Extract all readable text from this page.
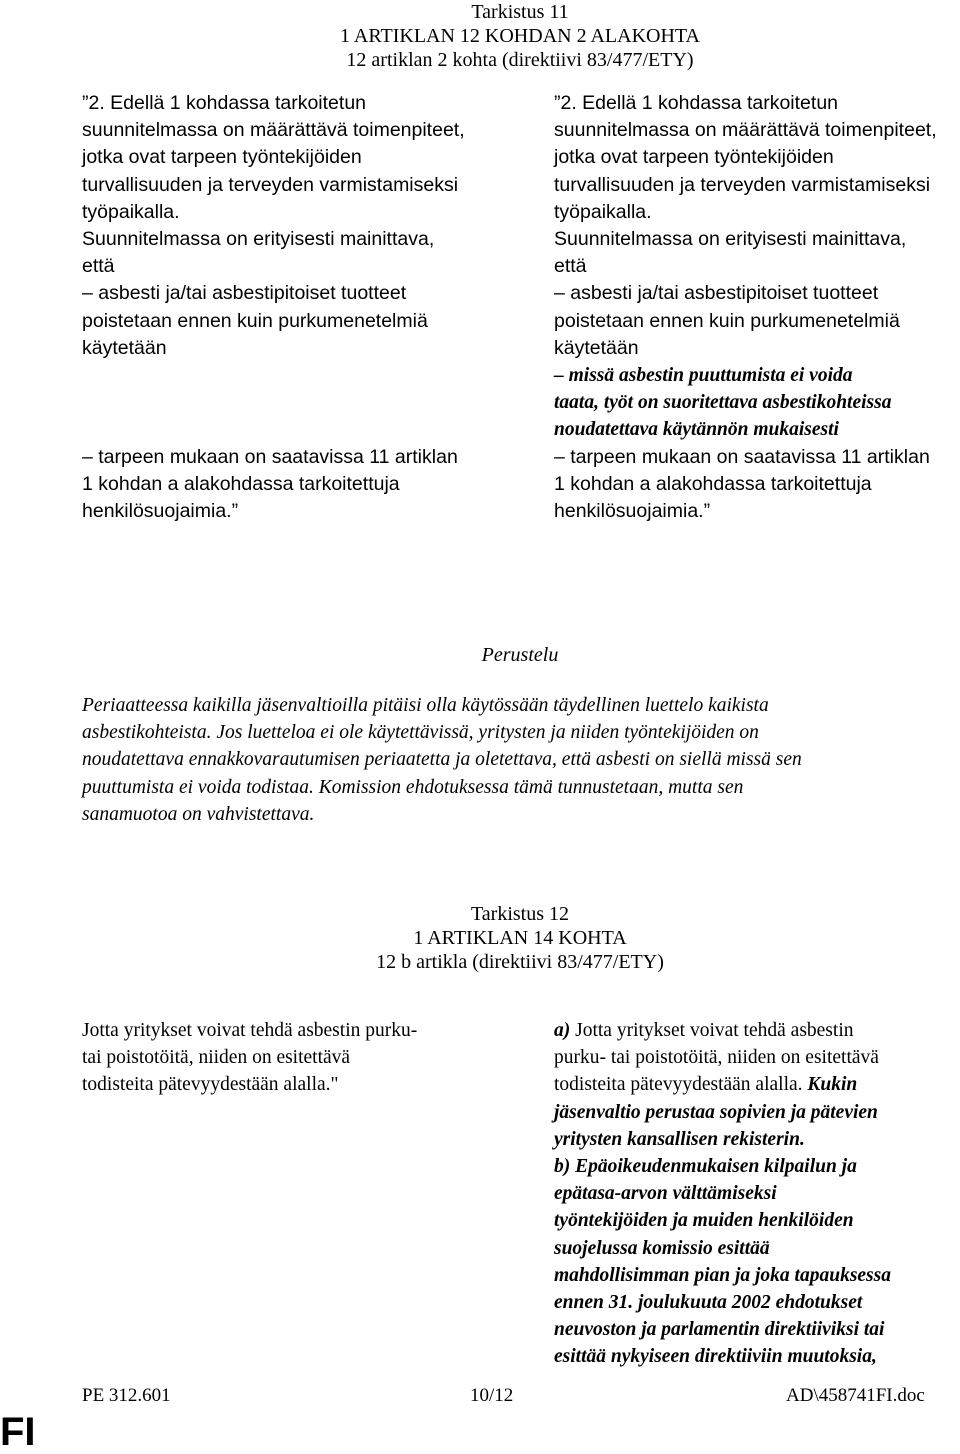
Tarkistus 11
1 ARTIKLAN 12 KOHDAN 2 ALAKOHTA
12 artiklan 2 kohta (direktiivi 83/477/ETY)
”2. Edellä 1 kohdassa tarkoitetun
suunnitelmassa on määrättävä toimenpiteet,
jotka ovat tarpeen työntekijöiden
turvallisuuden ja terveyden varmistamiseksi
työpaikalla.
Suunnitelmassa on erityisesti mainittava,
että
– asbesti ja/tai asbestipitoiset tuotteet
poistetaan ennen kuin purkumenetelmiä
käytetään
– tarpeen mukaan on saatavissa 11 artiklan
1 kohdan a alakohdassa tarkoitettuja
henkilösuojaimia.”
”2. Edellä 1 kohdassa tarkoitetun
suunnitelmassa on määrättävä toimenpiteet,
jotka ovat tarpeen työntekijöiden
turvallisuuden ja terveyden varmistamiseksi
työpaikalla.
Suunnitelmassa on erityisesti mainittava,
että
– asbesti ja/tai asbestipitoiset tuotteet
poistetaan ennen kuin purkumenetelmiä
käytetään
– missä asbestin puuttumista ei voida
taata, työt on suoritettava asbestikohteissa
noudatettava käytännön mukaisesti
– tarpeen mukaan on saatavissa 11 artiklan
1 kohdan a alakohdassa tarkoitettuja
henkilösuojaimia.”
Perustelu
Periaatteessa kaikilla jäsenvaltioilla pitäisi olla käytössään täydellinen luettelo kaikista
asbestikohteista. Jos luetteloa ei ole käytettävissä, yritysten ja niiden työntekijöiden on
noudatettava ennakkovarautumisen periaatetta ja oletettava, että asbesti on siellä missä sen
puuttumista ei voida todistaa. Komission ehdotuksessa tämä tunnustetaan, mutta sen
sanamuotoa on vahvistettava.
Tarkistus 12
1 ARTIKLAN 14 KOHTA
12 b artikla (direktiivi 83/477/ETY)
Jotta yritykset voivat tehdä asbestin purku-
tai poistotöitä, niiden on esitettävä
todisteita pätevyydestään alalla."
a) Jotta yritykset voivat tehdä asbestin
purku- tai poistotöitä, niiden on esitettävä
todisteita pätevyydestään alalla. Kukin
jäsenvaltio perustaa sopivien ja pätevien
yritysten kansallisen rekisterin.
b) Epäoikeudenmukaisen kilpailun ja
epätasa-arvon välttämiseksi
työntekijöiden ja muiden henkilöiden
suojelussa komissio esittää
mahdollisimman pian ja joka tapauksessa
ennen 31. joulukuuta 2002 ehdotukset
neuvoston ja parlamentin direktiiviksi tai
esittää nykyiseen direktiiviin muutoksia,
PE 312.601	10/12	AD\458741FI.doc
FI
